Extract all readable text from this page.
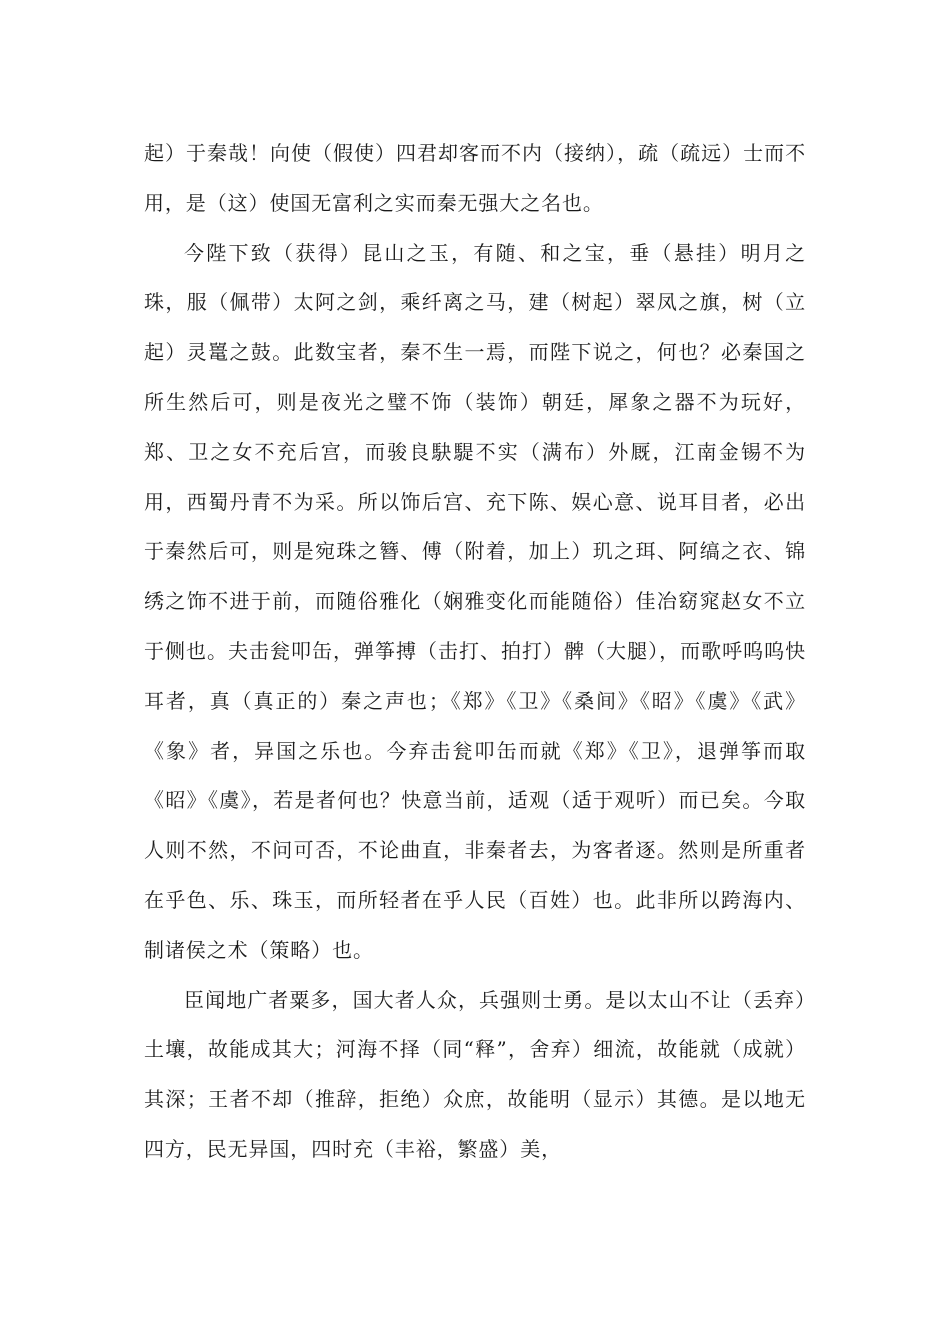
起）于秦哉！向使（假使）四君却客而不内（接纳），疏（疏远）士而不用，是（这）使国无富利之实而秦无强大之名也。

今陛下致（获得）昆山之玉，有随、和之宝，垂（悬挂）明月之珠，服（佩带）太阿之剑，乘纤离之马，建（树起）翠凤之旗，树（立起）灵鼍之鼓。此数宝者，秦不生一焉，而陛下说之，何也？必秦国之所生然后可，则是夜光之璧不饰（装饰）朝廷，犀象之器不为玩好，郑、卫之女不充后宫，而骏良駃騠不实（满布）外厩，江南金锡不为用，西蜀丹青不为采。所以饰后宫、充下陈、娱心意、说耳目者，必出于秦然后可，则是宛珠之簪、傅（附着，加上）玑之珥、阿缟之衣、锦绣之饰不进于前，而随俗雅化（娴雅变化而能随俗）佳冶窈窕赵女不立于侧也。夫击瓮叩缶，弹筝搏（击打、拍打）髀（大腿），而歌呼呜呜快耳者，真（真正的）秦之声也；《郑》《卫》《桑间》《昭》《虞》《武》《象》者，异国之乐也。今弃击瓮叩缶而就《郑》《卫》，退弹筝而取《昭》《虞》，若是者何也？快意当前，适观（适于观听）而已矣。今取人则不然，不问可否，不论曲直，非秦者去，为客者逐。然则是所重者在乎色、乐、珠玉，而所轻者在乎人民（百姓）也。此非所以跨海内、制诸侯之术（策略）也。

臣闻地广者粟多，国大者人众，兵强则士勇。是以太山不让（丢弃）土壤，故能成其大；河海不择（同“释”，舍弃）细流，故能就（成就）其深；王者不却（推辞，拒绝）众庶，故能明（显示）其德。是以地无四方，民无异国，四时充（丰裕，繁盛）美，
